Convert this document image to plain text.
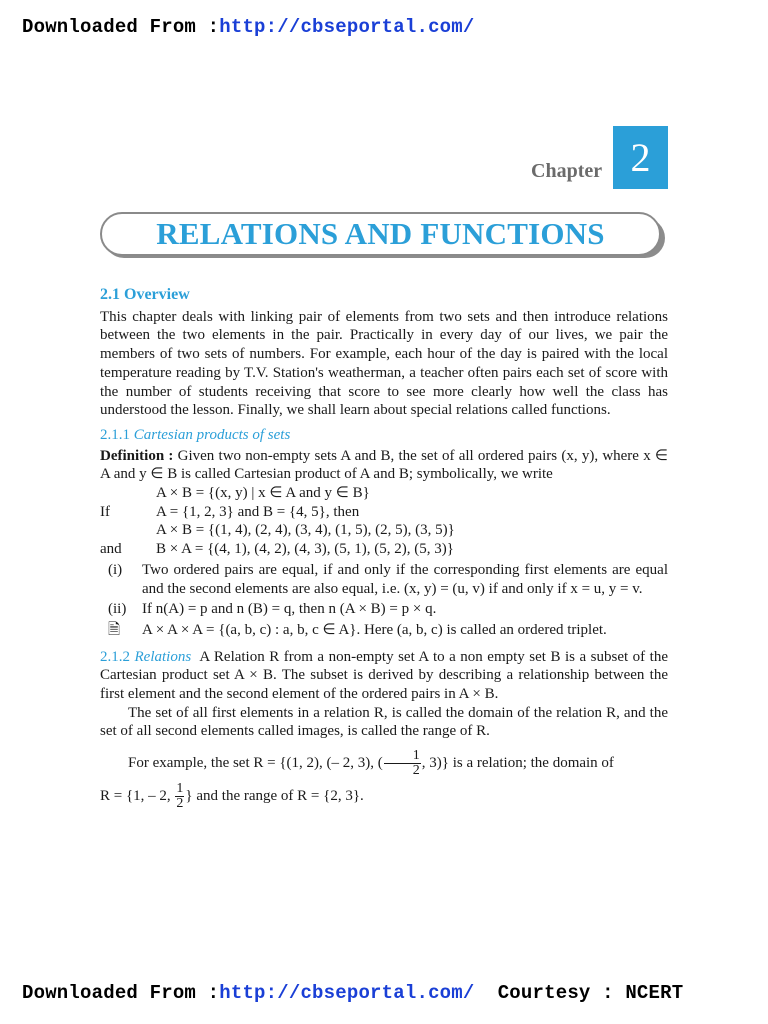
Downloaded From :http://cbseportal.com/
Chapter 2
RELATIONS AND FUNCTIONS
2.1 Overview

This chapter deals with linking pair of elements from two sets and then introduce relations between the two elements in the pair. Practically in every day of our lives, we pair the members of two sets of numbers. For example, each hour of the day is paired with the local temperature reading by T.V. Station's weatherman, a teacher often pairs each set of score with the number of students receiving that score to see more clearly how well the class has understood the lesson. Finally, we shall learn about special relations called functions.

2.1.1 Cartesian products of sets

Definition : Given two non-empty sets A and B, the set of all ordered pairs (x, y), where x ∈ A and y ∈ B is called Cartesian product of A and B; symbolically, we write

A × B = {(x, y) | x ∈ A and y ∈ B}
If	A = {1, 2, 3} and B = {4, 5}, then
A × B = {(1, 4), (2, 4), (3, 4), (1, 5), (2, 5), (3, 5)}
and	B × A = {(4, 1), (4, 2), (4, 3), (5, 1), (5, 2), (5, 3)}
(i)	Two ordered pairs are equal, if and only if the corresponding first elements are equal and the second elements are also equal, i.e. (x, y) = (u, v) if and only if x = u, y = v.
(ii)	If n(A) = p and n (B) = q, then n (A × B) = p × q.
🗎	A × A × A = {(a, b, c) : a, b, c ∈ A}. Here (a, b, c) is called an ordered triplet.

2.1.2 Relations A Relation R from a non-empty set A to a non empty set B is a subset of the Cartesian product set A × B. The subset is derived by describing a relationship between the first element and the second element of the ordered pairs in A × B.

The set of all first elements in a relation R, is called the domain of the relation R, and the set of all second elements called images, is called the range of R.

For example, the set R = {(1, 2), (– 2, 3), ( $\frac{1}{2}$ , 3)} is a relation; the domain of

R = {1, – 2, $\frac{1}{2}$ } and the range of R = {2, 3}.

Downloaded From :http://cbseportal.com/ Courtesy : NCERT
